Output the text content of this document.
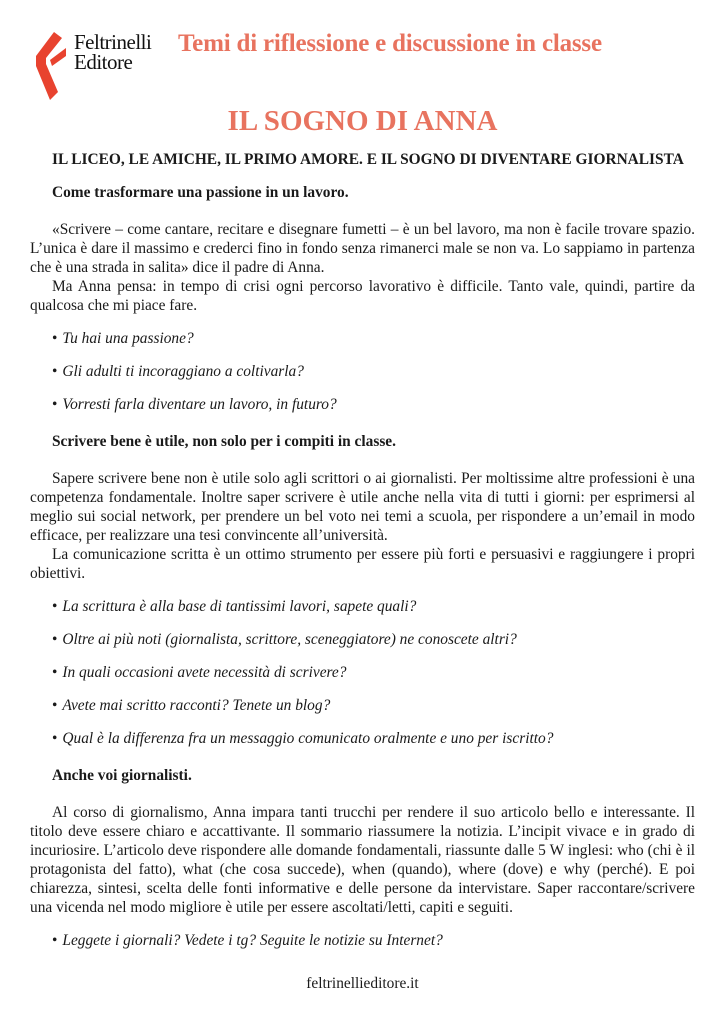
Feltrinelli
Editore
Temi di riflessione e discussione in classe
IL SOGNO DI ANNA
IL LICEO, LE AMICHE, IL PRIMO AMORE. E IL SOGNO DI DIVENTARE GIORNALISTA
Come trasformare una passione in un lavoro.

«Scrivere – come cantare, recitare e disegnare fumetti – è un bel lavoro, ma non è facile trovare spazio. L’unica è dare il massimo e crederci fino in fondo senza rimanerci male se non va. Lo sappiamo in partenza che è una strada in salita» dice il padre di Anna.

Ma Anna pensa: in tempo di crisi ogni percorso lavorativo è difficile. Tanto vale, quindi, partire da qualcosa che mi piace fare.

• Tu hai una passione?
• Gli adulti ti incoraggiano a coltivarla?
• Vorresti farla diventare un lavoro, in futuro?
Scrivere bene è utile, non solo per i compiti in classe.

Sapere scrivere bene non è utile solo agli scrittori o ai giornalisti. Per moltissime altre professioni è una competenza fondamentale. Inoltre saper scrivere è utile anche nella vita di tutti i giorni: per esprimersi al meglio sui social network, per prendere un bel voto nei temi a scuola, per rispondere a un’email in modo efficace, per realizzare una tesi convincente all’università.

La comunicazione scritta è un ottimo strumento per essere più forti e persuasivi e raggiungere i propri obiettivi.

• La scrittura è alla base di tantissimi lavori, sapete quali?
• Oltre ai più noti (giornalista, scrittore, sceneggiatore) ne conoscete altri?
• In quali occasioni avete necessità di scrivere?
• Avete mai scritto racconti? Tenete un blog?
• Qual è la differenza fra un messaggio comunicato oralmente e uno per iscritto?
Anche voi giornalisti.

Al corso di giornalismo, Anna impara tanti trucchi per rendere il suo articolo bello e interessante. Il titolo deve essere chiaro e accattivante. Il sommario riassumere la notizia. L’incipit vivace e in grado di incuriosire. L’articolo deve rispondere alle domande fondamentali, riassunte dalle 5 W inglesi: who (chi è il protagonista del fatto), what (che cosa succede), when (quando), where (dove) e why (perché). E poi chiarezza, sintesi, scelta delle fonti informative e delle persone da intervistare. Saper raccontare/scrivere una vicenda nel modo migliore è utile per essere ascoltati/letti, capiti e seguiti.

• Leggete i giornali? Vedete i tg? Seguite le notizie su Internet?
feltrinellieditore.it
